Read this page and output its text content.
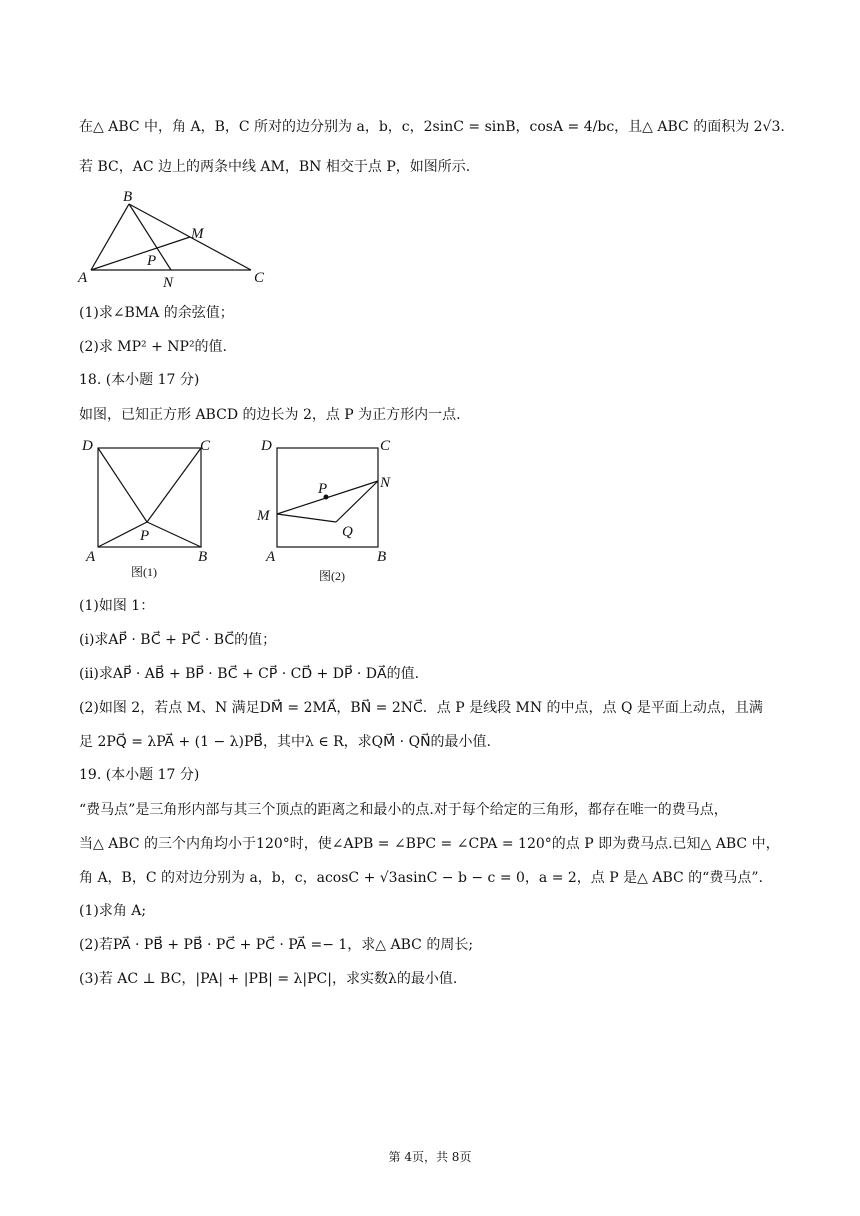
在△ ABC 中，角 A，B，C 所对的边分别为 a，b，c，2sinC = sinB，cosA = 4/bc，且△ ABC 的面积为 2√3.
若 BC，AC 边上的两条中线 AM，BN 相交于点 P，如图所示.
B
M
P
A	N	C
(1)求∠BMA 的余弦值；
(2)求 MP² + NP²的值.
18. (本小题 17 分)
如图，已知正方形 ABCD 的边长为 2，点 P 为正方形内一点.
D	C
P
A	B
图(1)
D	C
P	N
M
Q
A	B
图(2)
(1)如图 1：
(i)求AP⃗ · BC⃗ + PC⃗ · BC⃗的值；
(ii)求AP⃗ · AB⃗ + BP⃗ · BC⃗ + CP⃗ · CD⃗ + DP⃗ · DA⃗的值.
(2)如图 2，若点 M、N 满足DM⃗ = 2MA⃗，BN⃗ = 2NC⃗．点 P 是线段 MN 的中点，点 Q 是平面上动点，且满
足 2PQ⃗ = λPA⃗ + (1 − λ)PB⃗，其中λ ∈ R，求QM⃗ · QN⃗的最小值.
19. (本小题 17 分)
“费马点”是三角形内部与其三个顶点的距离之和最小的点.对于每个给定的三角形，都存在唯一的费马点，
当△ ABC 的三个内角均小于120°时，使∠APB = ∠BPC = ∠CPA = 120°的点 P 即为费马点.已知△ ABC 中，
角 A，B，C 的对边分别为 a，b，c，acosC + √3asinC − b − c = 0，a = 2，点 P 是△ ABC 的“费马点”.
(1)求角 A;
(2)若PA⃗ · PB⃗ + PB⃗ · PC⃗ + PC⃗ · PA⃗ =− 1，求△ ABC 的周长;
(3)若 AC ⊥ BC，|PA| + |PB| = λ|PC|，求实数λ的最小值.
第 4页，共 8页
